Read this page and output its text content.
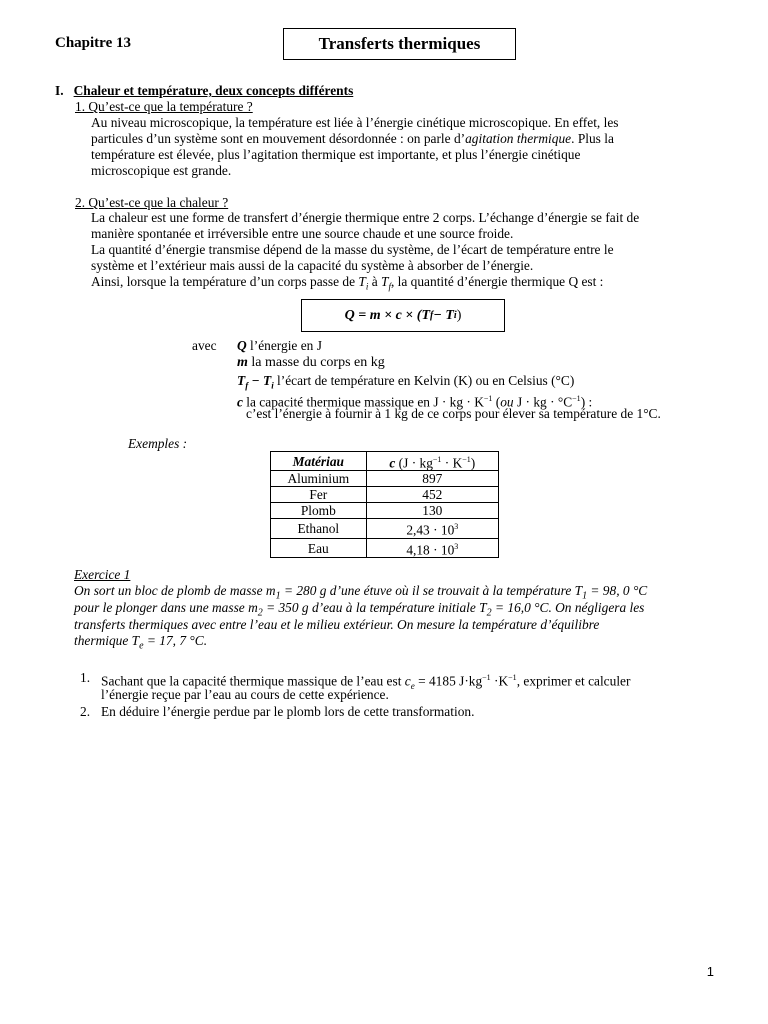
Chapitre 13	Transferts thermiques
I. Chaleur et température, deux concepts différents
1. Qu’est-ce que la température ?
Au niveau microscopique, la température est liée à l’énergie cinétique microscopique. En effet, les
particules d’un système sont en mouvement désordonnée : on parle d’agitation thermique. Plus la
température est élevée, plus l’agitation thermique est importante, et plus l’énergie cinétique
microscopique est grande.
2. Qu’est-ce que la chaleur ?
La chaleur est une forme de transfert d’énergie thermique entre 2 corps. L’échange d’énergie se fait de
manière spontanée et irréversible entre une source chaude et une source froide.
La quantité d’énergie transmise dépend de la masse du système, de l’écart de température entre le
système et l’extérieur mais aussi de la capacité du système à absorber de l’énergie.
Ainsi, lorsque la température d’un corps passe de $T_i$ à $T_f$, la quantité d’énergie thermique Q est :
Q = m × c × (T f − T i )
avec Q l’énergie en J
m la masse du corps en kg
$T_f - T_i$ l’écart de température en Kelvin (K) ou en Celsius (°C)
c la capacité thermique massique en J · kg · $K^{-1}$ (ou J · kg · $^\circ C^{-1}$) :
c’est l’énergie à fournir à 1 kg de ce corps pour élever sa température de 1°C.
Exemples :
Matériau	c $(J \cdot kg^{-1} \cdot K^{-1})$
Aluminium	897
Fer	452
Plomb	130
Ethanol	$2,43 \cdot 10^3$
Eau	$4,18 \cdot 10^3$
Exercice 1
On sort un bloc de plomb de masse $m_1 = 280$ g d’une étuve où il se trouvait à la température $T_1 = 98$, 0 °C
pour le plonger dans une masse $m_2 = 350$ g d’eau à la température initiale $T_2 = 16,0$ °C. On négligera les
transferts thermiques avec entre l’eau et le milieu extérieur. On mesure la température d’équilibre
thermique $T_e = 17$, 7 °C.
1. Sachant que la capacité thermique massique de l’eau est $c_e = 4185$ $J\cdot kg^{-1} \cdot K^{-1}$, exprimer et calculer
l’énergie reçue par l’eau au cours de cette expérience.
2. En déduire l’énergie perdue par le plomb lors de cette transformation.
1
